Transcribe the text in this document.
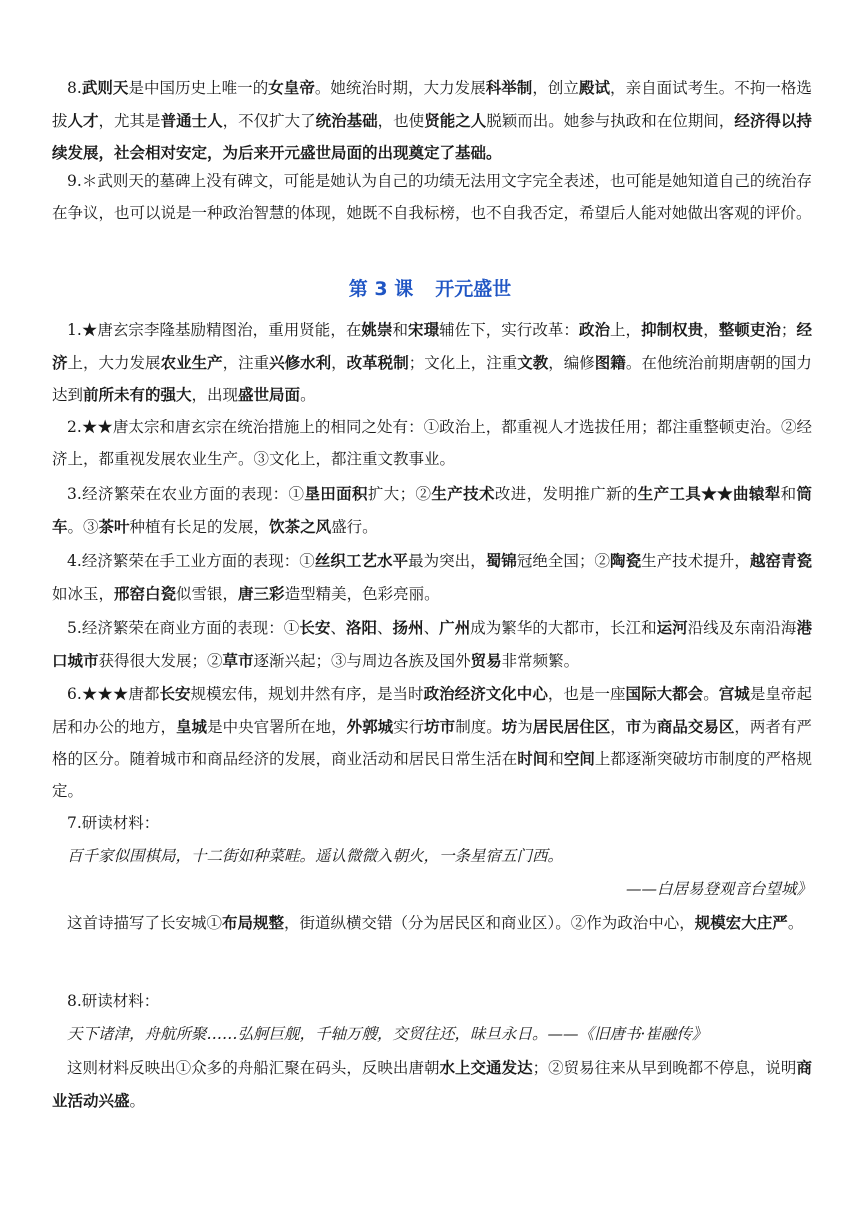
8.武则天是中国历史上唯一的女皇帝。她统治时期，大力发展科举制，创立殿试，亲自面试考生。不拘一格选拔人才，尤其是普通士人，不仅扩大了统治基础，也使贤能之人脱颖而出。她参与执政和在位期间，经济得以持续发展，社会相对安定，为后来开元盛世局面的出现奠定了基础。

9.＊武则天的墓碑上没有碑文，可能是她认为自己的功绩无法用文字完全表述，也可能是她知道自己的统治存在争议，也可以说是一种政治智慧的体现，她既不自我标榜，也不自我否定，希望后人能对她做出客观的评价。

第 3 课 开元盛世

1.★唐玄宗李隆基励精图治，重用贤能，在姚崇和宋璟辅佐下，实行改革：政治上，抑制权贵，整顿吏治；经济上，大力发展农业生产，注重兴修水利，改革税制；文化上，注重文教，编修图籍。在他统治前期唐朝的国力达到前所未有的强大，出现盛世局面。

2.★★唐太宗和唐玄宗在统治措施上的相同之处有：①政治上，都重视人才选拔任用；都注重整顿吏治。②经济上，都重视发展农业生产。③文化上，都注重文教事业。

3.经济繁荣在农业方面的表现：①垦田面积扩大；②生产技术改进，发明推广新的生产工具★★曲辕犁和筒车。③茶叶种植有长足的发展，饮茶之风盛行。

4.经济繁荣在手工业方面的表现：①丝织工艺水平最为突出，蜀锦冠绝全国；②陶瓷生产技术提升，越窑青瓷如冰玉，邢窑白瓷似雪银，唐三彩造型精美，色彩亮丽。

5.经济繁荣在商业方面的表现：①长安、洛阳、扬州、广州成为繁华的大都市，长江和运河沿线及东南沿海港口城市获得很大发展；②草市逐渐兴起；③与周边各族及国外贸易非常频繁。

6.★★★唐都长安规模宏伟，规划井然有序，是当时政治经济文化中心，也是一座国际大都会。宫城是皇帝起居和办公的地方，皇城是中央官署所在地，外郭城实行坊市制度。坊为居民居住区，市为商品交易区，两者有严格的区分。随着城市和商品经济的发展，商业活动和居民日常生活在时间和空间上都逐渐突破坊市制度的严格规定。

7.研读材料：

百千家似围棋局，十二街如种菜畦。遥认微微入朝火，一条星宿五门西。

——白居易登观音台望城》

这首诗描写了长安城①布局规整，街道纵横交错（分为居民区和商业区）。②作为政治中心，规模宏大庄严。

8.研读材料：

天下诸津，舟航所聚……弘舸巨舰，千轴万艘，交贸往还，昧旦永日。——《旧唐书·崔融传》

这则材料反映出①众多的舟船汇聚在码头，反映出唐朝水上交通发达；②贸易往来从早到晚都不停息，说明商业活动兴盛。
